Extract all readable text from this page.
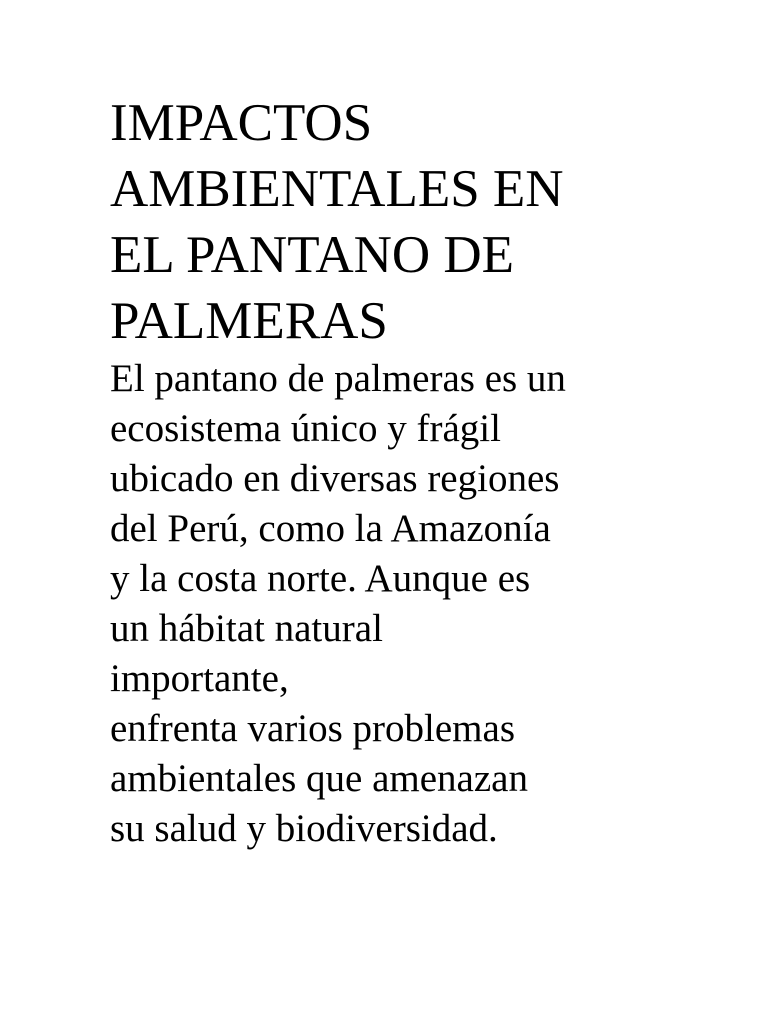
IMPACTOS
AMBIENTALES EN
EL PANTANO DE
PALMERAS

El pantano de palmeras es un
ecosistema único y frágil
ubicado en diversas regiones
del Perú, como la Amazonía
y la costa norte. Aunque es
un hábitat natural
importante,
enfrenta varios problemas
ambientales que amenazan
su salud y biodiversidad.
